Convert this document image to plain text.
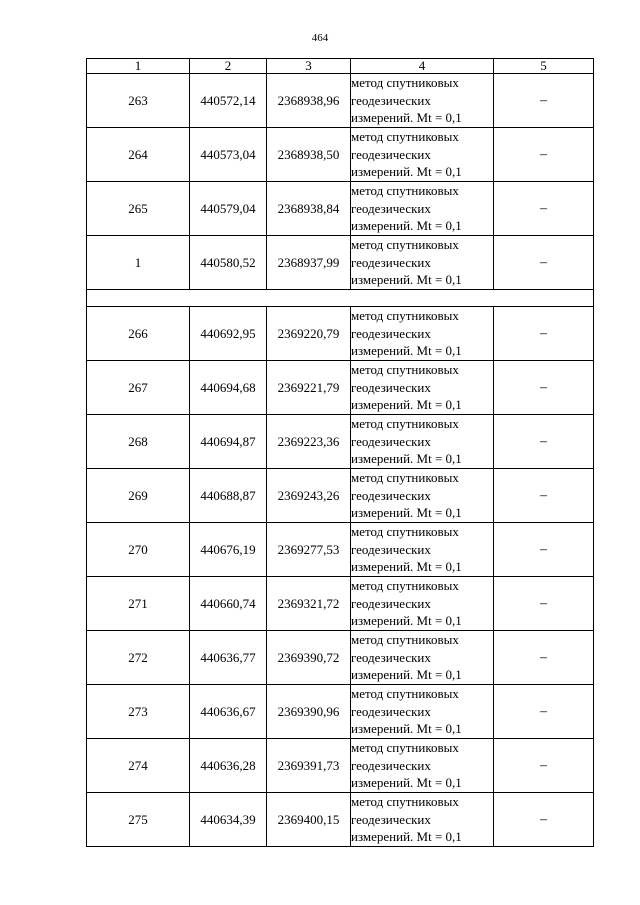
464
1	2	3	4	5
263	440572,14	2368938,96	метод спутниковых
геодезических
измерений. Mt = 0,1	–
264	440573,04	2368938,50	метод спутниковых
геодезических
измерений. Mt = 0,1	–
265	440579,04	2368938,84	метод спутниковых
геодезических
измерений. Mt = 0,1	–
1	440580,52	2368937,99	метод спутниковых
геодезических
измерений. Mt = 0,1	–

266	440692,95	2369220,79	метод спутниковых
геодезических
измерений. Mt = 0,1	–
267	440694,68	2369221,79	метод спутниковых
геодезических
измерений. Mt = 0,1	–
268	440694,87	2369223,36	метод спутниковых
геодезических
измерений. Mt = 0,1	–
269	440688,87	2369243,26	метод спутниковых
геодезических
измерений. Mt = 0,1	–
270	440676,19	2369277,53	метод спутниковых
геодезических
измерений. Mt = 0,1	–
271	440660,74	2369321,72	метод спутниковых
геодезических
измерений. Mt = 0,1	–
272	440636,77	2369390,72	метод спутниковых
геодезических
измерений. Mt = 0,1	–
273	440636,67	2369390,96	метод спутниковых
геодезических
измерений. Mt = 0,1	–
274	440636,28	2369391,73	метод спутниковых
геодезических
измерений. Mt = 0,1	–
275	440634,39	2369400,15	метод спутниковых
геодезических
измерений. Mt = 0,1	–
